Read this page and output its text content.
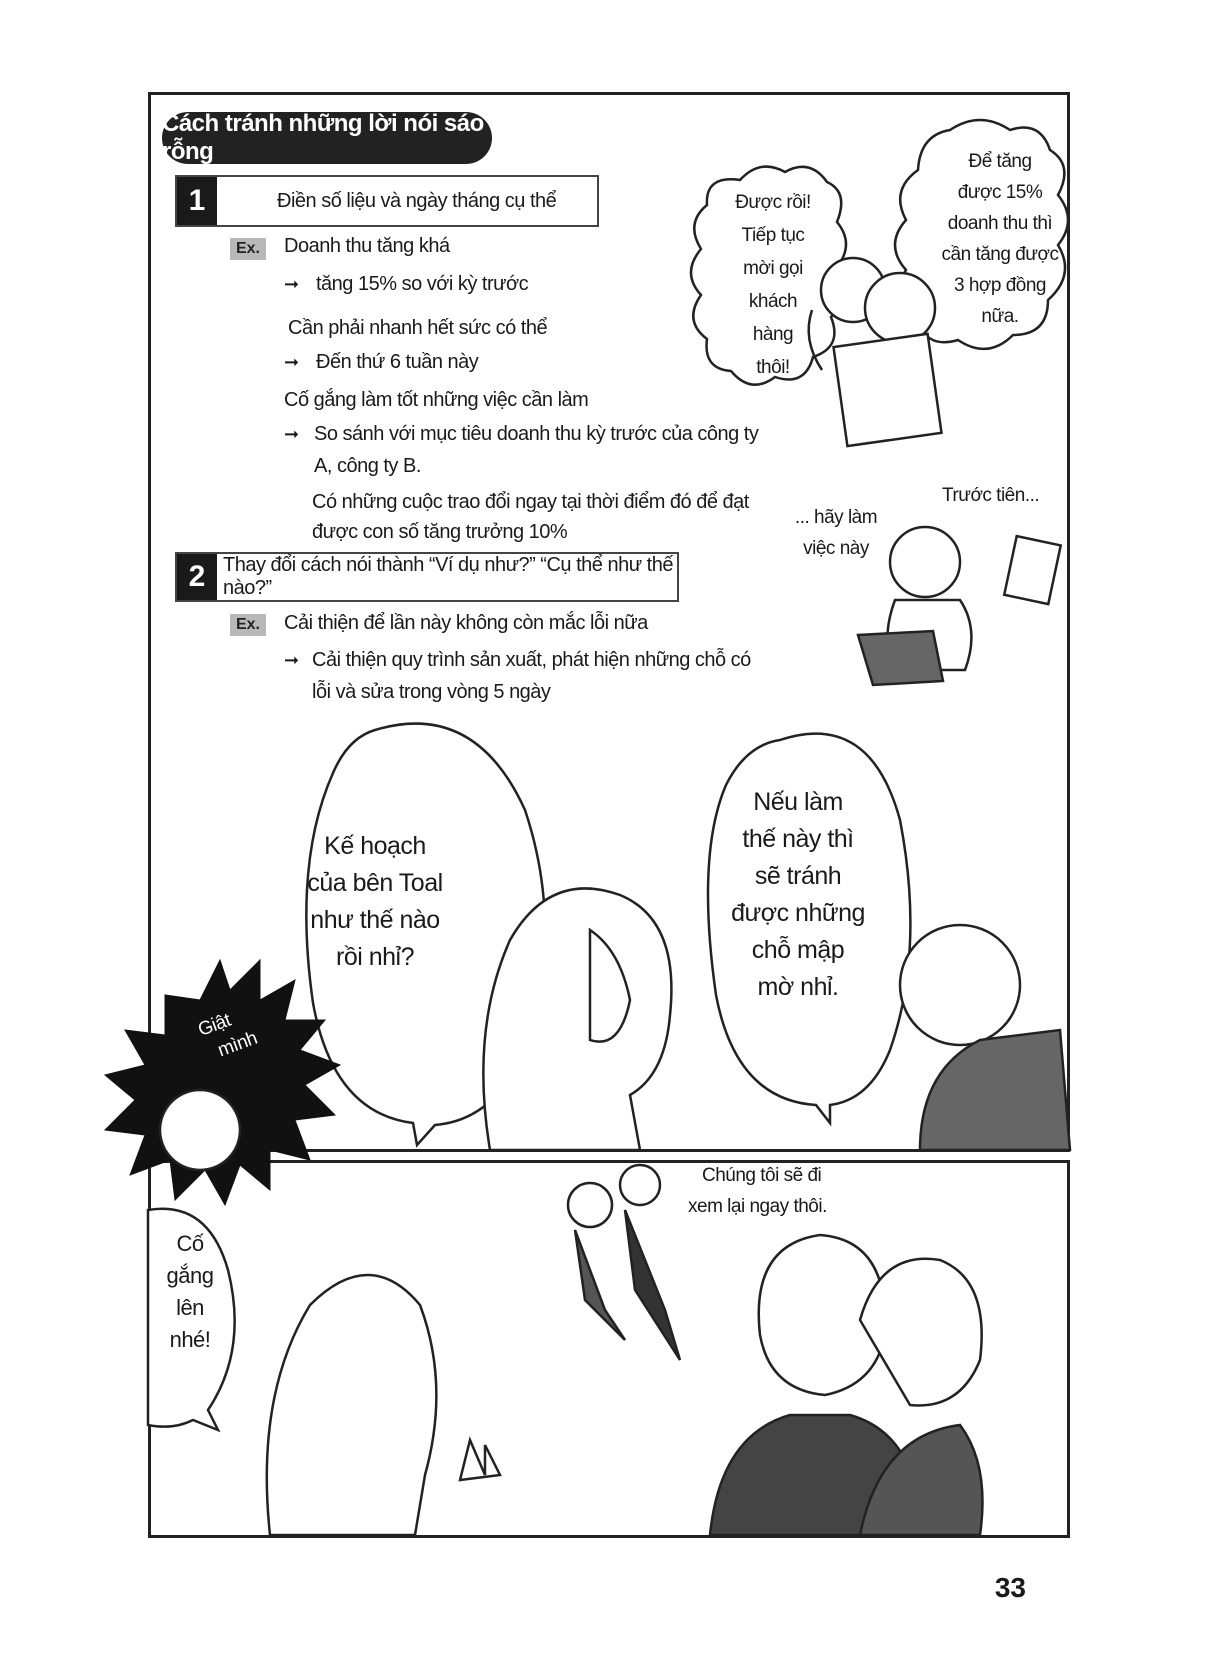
Cách tránh những lời nói sáo rỗng
1	Điền số liệu và ngày tháng cụ thể
Ex.	Doanh thu tăng khá
➞ tăng 15% so với kỳ trước
Cần phải nhanh hết sức có thể
➞ Đến thứ 6 tuần này
Cố gắng làm tốt những việc cần làm
➞ So sánh với mục tiêu doanh thu kỳ trước của công ty
A, công ty B.
Có những cuộc trao đổi ngay tại thời điểm đó để đạt
được con số tăng trưởng 10%
2 Thay đổi cách nói thành “Ví dụ như?” “Cụ thể như thế nào?”
Ex.	Cải thiện để lần này không còn mắc lỗi nữa
➞ Cải thiện quy trình sản xuất, phát hiện những chỗ có
lỗi và sửa trong vòng 5 ngày
Được rồi!
Tiếp tục
mời gọi
khách
hàng
thôi!
Để tăng
được 15%
doanh thu thì
cần tăng được
3 hợp đồng
nữa.
Trước tiên...
... hãy làm
việc này
Kế hoạch
của bên Toal
như thế nào
rồi nhỉ?
Nếu làm
thế này thì
sẽ tránh
được những
chỗ mập
mờ nhỉ.
Giật
mình
Cố
gắng
lên
nhé!
Chúng tôi sẽ đi
xem lại ngay thôi.
33
